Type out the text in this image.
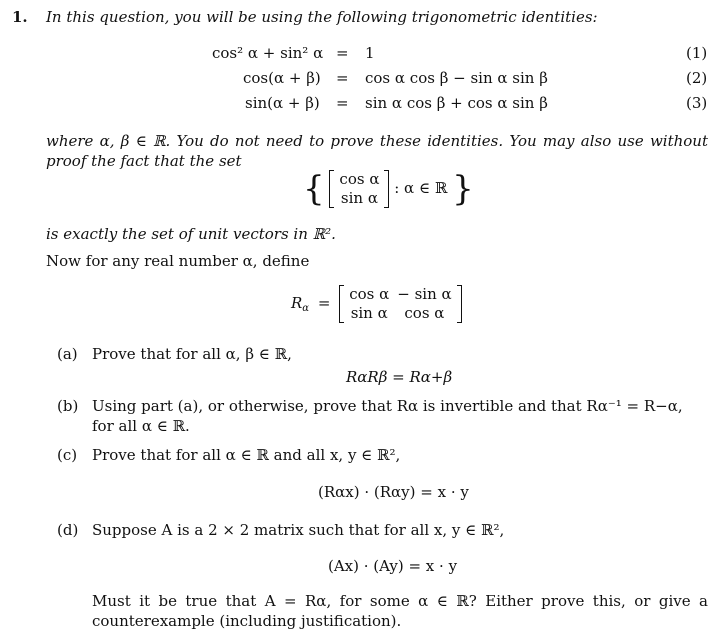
1. In this question, you will be using the following trigonometric identities:
cos² α + sin² α = 1	(1)
cos(α + β) = cos α cos β − sin α sin β	(2)
sin(α + β) = sin α cos β + cos α sin β	(3)
where α, β ∈ ℝ. You do not need to prove these identities. You may also use without proof the fact that the set
{ cos α
sin α
: α ∈ ℝ }
is exactly the set of unit vectors in ℝ².
Now for any real number α, define
$R_\alpha = \cos \alpha$	− sin α
sin α	cos α
(a) Prove that for all α, β ∈ ℝ,
RαRβ = Rα+β
(b) Using part (a), or otherwise, prove that Rα is invertible and that Rα⁻¹ = R−α, for all α ∈ ℝ.
(c) Prove that for all α ∈ ℝ and all x, y ∈ ℝ²,
(Rαx) · (Rαy) = x · y
(d) Suppose A is a 2 × 2 matrix such that for all x, y ∈ ℝ²,
(Ax) · (Ay) = x · y
Must it be true that A = Rα, for some α ∈ ℝ? Either prove this, or give a counterexample (including justification).
